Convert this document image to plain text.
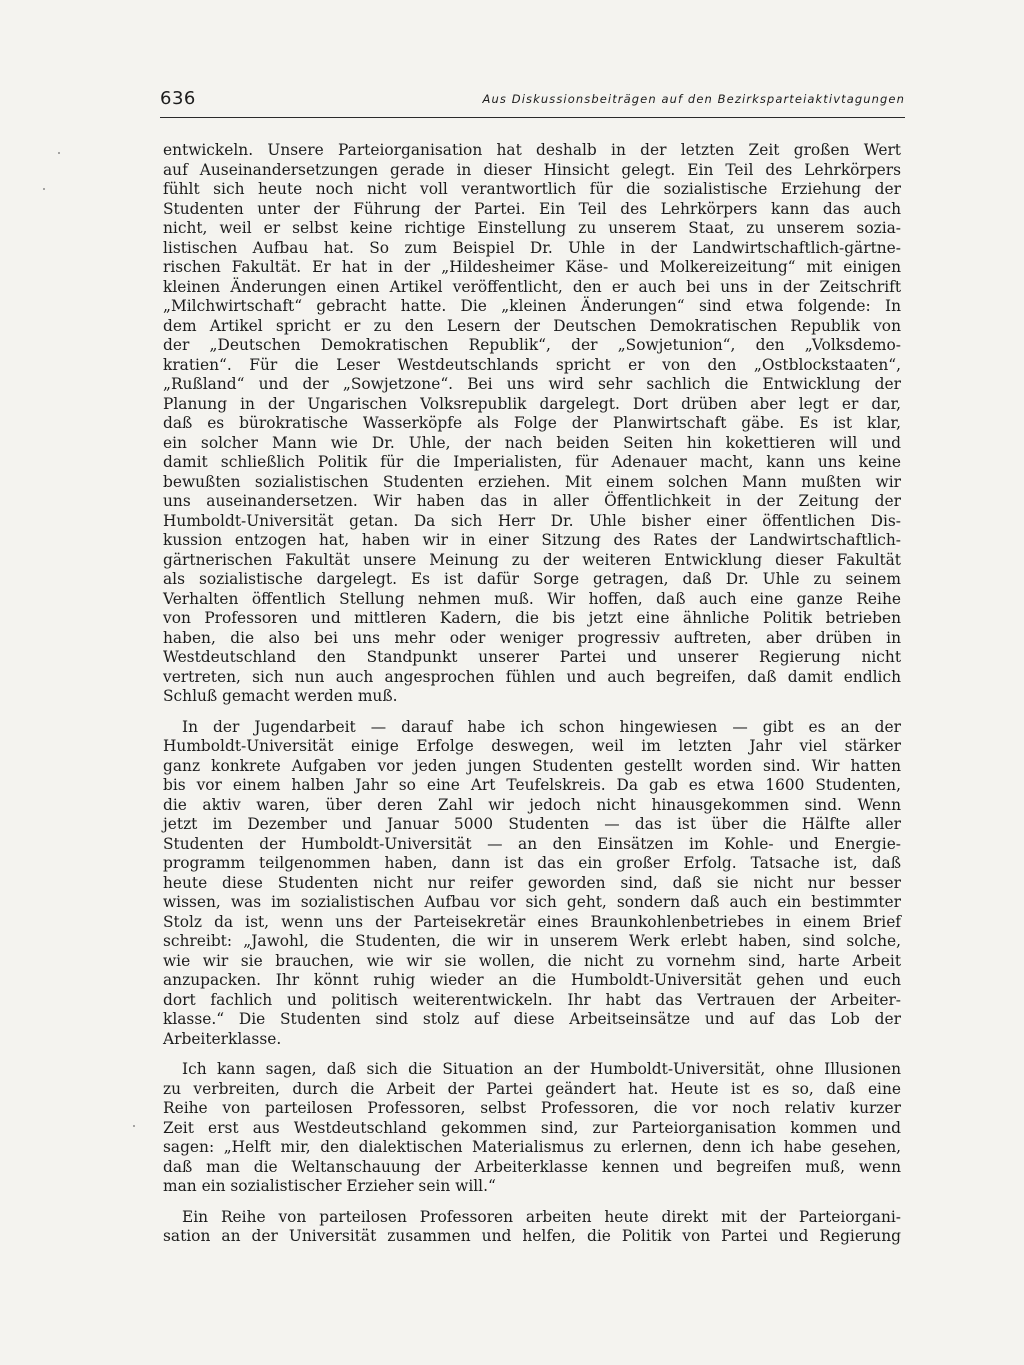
636	Aus Diskussionsbeiträgen auf den Bezirksparteiaktivtagungen
entwickeln. Unsere Parteiorganisation hat deshalb in der letzten Zeit großen Wert
auf Auseinandersetzungen gerade in dieser Hinsicht gelegt. Ein Teil des Lehrkörpers
fühlt sich heute noch nicht voll verantwortlich für die sozialistische Erziehung der
Studenten unter der Führung der Partei. Ein Teil des Lehrkörpers kann das auch
nicht, weil er selbst keine richtige Einstellung zu unserem Staat, zu unserem sozia-
listischen Aufbau hat. So zum Beispiel Dr. Uhle in der Landwirtschaftlich-gärtne-
rischen Fakultät. Er hat in der „Hildesheimer Käse- und Molkereizeitung“ mit einigen
kleinen Änderungen einen Artikel veröffentlicht, den er auch bei uns in der Zeitschrift
„Milchwirtschaft“ gebracht hatte. Die „kleinen Änderungen“ sind etwa folgende: In
dem Artikel spricht er zu den Lesern der Deutschen Demokratischen Republik von
der „Deutschen Demokratischen Republik“, der „Sowjetunion“, den „Volksdemo-
kratien“. Für die Leser Westdeutschlands spricht er von den „Ostblockstaaten“,
„Rußland“ und der „Sowjetzone“. Bei uns wird sehr sachlich die Entwicklung der
Planung in der Ungarischen Volksrepublik dargelegt. Dort drüben aber legt er dar,
daß es bürokratische Wasserköpfe als Folge der Planwirtschaft gäbe. Es ist klar,
ein solcher Mann wie Dr. Uhle, der nach beiden Seiten hin kokettieren will und
damit schließlich Politik für die Imperialisten, für Adenauer macht, kann uns keine
bewußten sozialistischen Studenten erziehen. Mit einem solchen Mann mußten wir
uns auseinandersetzen. Wir haben das in aller Öffentlichkeit in der Zeitung der
Humboldt-Universität getan. Da sich Herr Dr. Uhle bisher einer öffentlichen Dis-
kussion entzogen hat, haben wir in einer Sitzung des Rates der Landwirtschaftlich-
gärtnerischen Fakultät unsere Meinung zu der weiteren Entwicklung dieser Fakultät
als sozialistische dargelegt. Es ist dafür Sorge getragen, daß Dr. Uhle zu seinem
Verhalten öffentlich Stellung nehmen muß. Wir hoffen, daß auch eine ganze Reihe
von Professoren und mittleren Kadern, die bis jetzt eine ähnliche Politik betrieben
haben, die also bei uns mehr oder weniger progressiv auftreten, aber drüben in
Westdeutschland den Standpunkt unserer Partei und unserer Regierung nicht
vertreten, sich nun auch angesprochen fühlen und auch begreifen, daß damit endlich
Schluß gemacht werden muß.
In der Jugendarbeit — darauf habe ich schon hingewiesen — gibt es an der
Humboldt-Universität einige Erfolge deswegen, weil im letzten Jahr viel stärker
ganz konkrete Aufgaben vor jeden jungen Studenten gestellt worden sind. Wir hatten
bis vor einem halben Jahr so eine Art Teufelskreis. Da gab es etwa 1600 Studenten,
die aktiv waren, über deren Zahl wir jedoch nicht hinausgekommen sind. Wenn
jetzt im Dezember und Januar 5000 Studenten — das ist über die Hälfte aller
Studenten der Humboldt-Universität — an den Einsätzen im Kohle- und Energie-
programm teilgenommen haben, dann ist das ein großer Erfolg. Tatsache ist, daß
heute diese Studenten nicht nur reifer geworden sind, daß sie nicht nur besser
wissen, was im sozialistischen Aufbau vor sich geht, sondern daß auch ein bestimmter
Stolz da ist, wenn uns der Parteisekretär eines Braunkohlenbetriebes in einem Brief
schreibt: „Jawohl, die Studenten, die wir in unserem Werk erlebt haben, sind solche,
wie wir sie brauchen, wie wir sie wollen, die nicht zu vornehm sind, harte Arbeit
anzupacken. Ihr könnt ruhig wieder an die Humboldt-Universität gehen und euch
dort fachlich und politisch weiterentwickeln. Ihr habt das Vertrauen der Arbeiter-
klasse.“ Die Studenten sind stolz auf diese Arbeitseinsätze und auf das Lob der
Arbeiterklasse.
Ich kann sagen, daß sich die Situation an der Humboldt-Universität, ohne Illusionen
zu verbreiten, durch die Arbeit der Partei geändert hat. Heute ist es so, daß eine
Reihe von parteilosen Professoren, selbst Professoren, die vor noch relativ kurzer
Zeit erst aus Westdeutschland gekommen sind, zur Parteiorganisation kommen und
sagen: „Helft mir, den dialektischen Materialismus zu erlernen, denn ich habe gesehen,
daß man die Weltanschauung der Arbeiterklasse kennen und begreifen muß, wenn
man ein sozialistischer Erzieher sein will.“
Ein Reihe von parteilosen Professoren arbeiten heute direkt mit der Parteiorgani-
sation an der Universität zusammen und helfen, die Politik von Partei und Regierung
